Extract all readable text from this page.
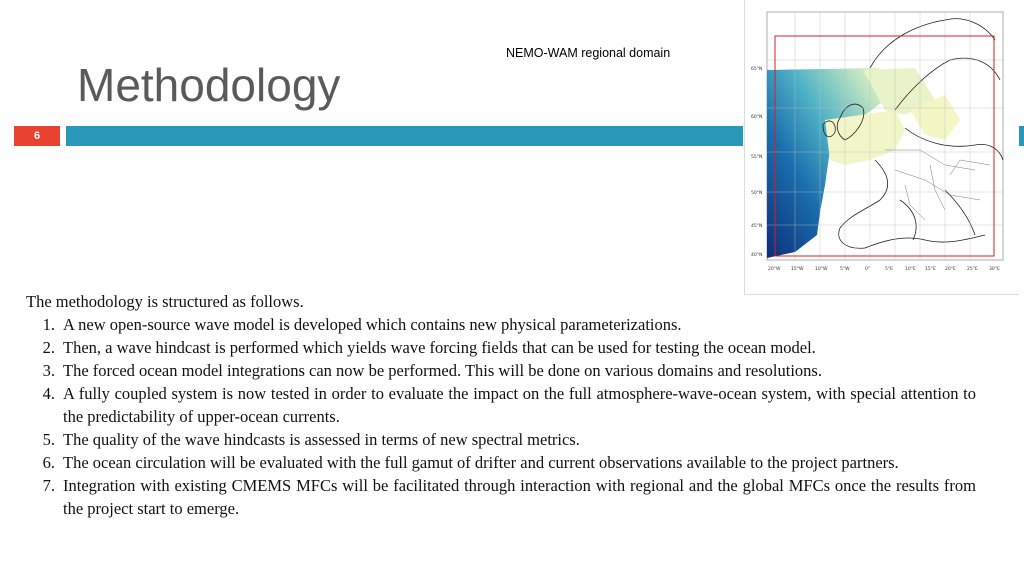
Methodology
6
NEMO-WAM regional domain
65°N
60°N
55°N
50°N
45°N
40°N
20°W 15°W	10°W	5°W	0°	5°E	10°E 15°E 20°E 25°E 30°E

The methodology is structured as follows.

1. A new open-source wave model is developed which contains new physical parameterizations.
2. Then, a wave hindcast is performed which yields wave forcing fields that can be used for testing the ocean model.
3. The forced ocean model integrations can now be performed. This will be done on various domains and resolutions.
4. A fully coupled system is now tested in order to evaluate the impact on the full atmosphere-wave-ocean system, with special attention to the predictability of upper-ocean currents.
5. The quality of the wave hindcasts is assessed in terms of new spectral metrics.
6. The ocean circulation will be evaluated with the full gamut of drifter and current observations available to the project partners.
7. Integration with existing CMEMS MFCs will be facilitated through interaction with regional and the global MFCs once the results from the project start to emerge.
